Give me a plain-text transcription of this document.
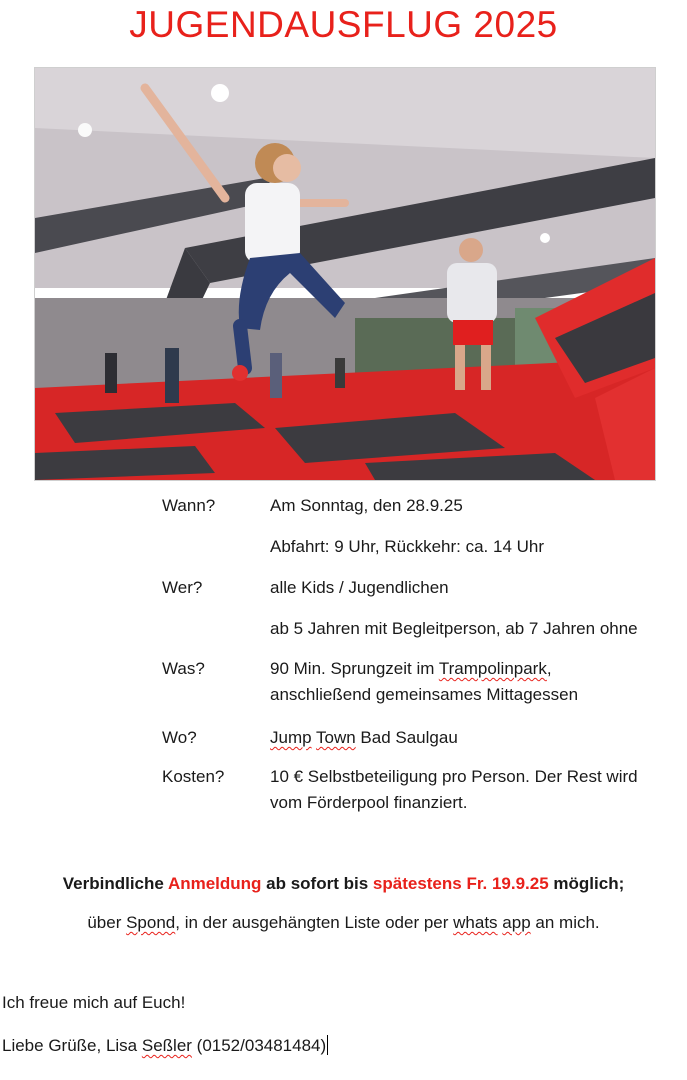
JUGENDAUSFLUG 2025
Wann?	Am Sonntag, den 28.9.25
Abfahrt: 9 Uhr, Rückkehr: ca. 14 Uhr
Wer?	alle Kids / Jugendlichen
ab 5 Jahren mit Begleitperson, ab 7 Jahren ohne
Was?	90 Min. Sprungzeit im Trampolinpark,
anschließend gemeinsames Mittagessen
Wo?	Jump Town Bad Saulgau
Kosten?	10 € Selbstbeteiligung pro Person. Der Rest wird
vom Förderpool finanziert.
Verbindliche Anmeldung ab sofort bis spätestens Fr. 19.9.25 möglich;
über Spond, in der ausgehängten Liste oder per whats app an mich.
Ich freue mich auf Euch!
Liebe Grüße, Lisa Seßler (0152/03481484)
